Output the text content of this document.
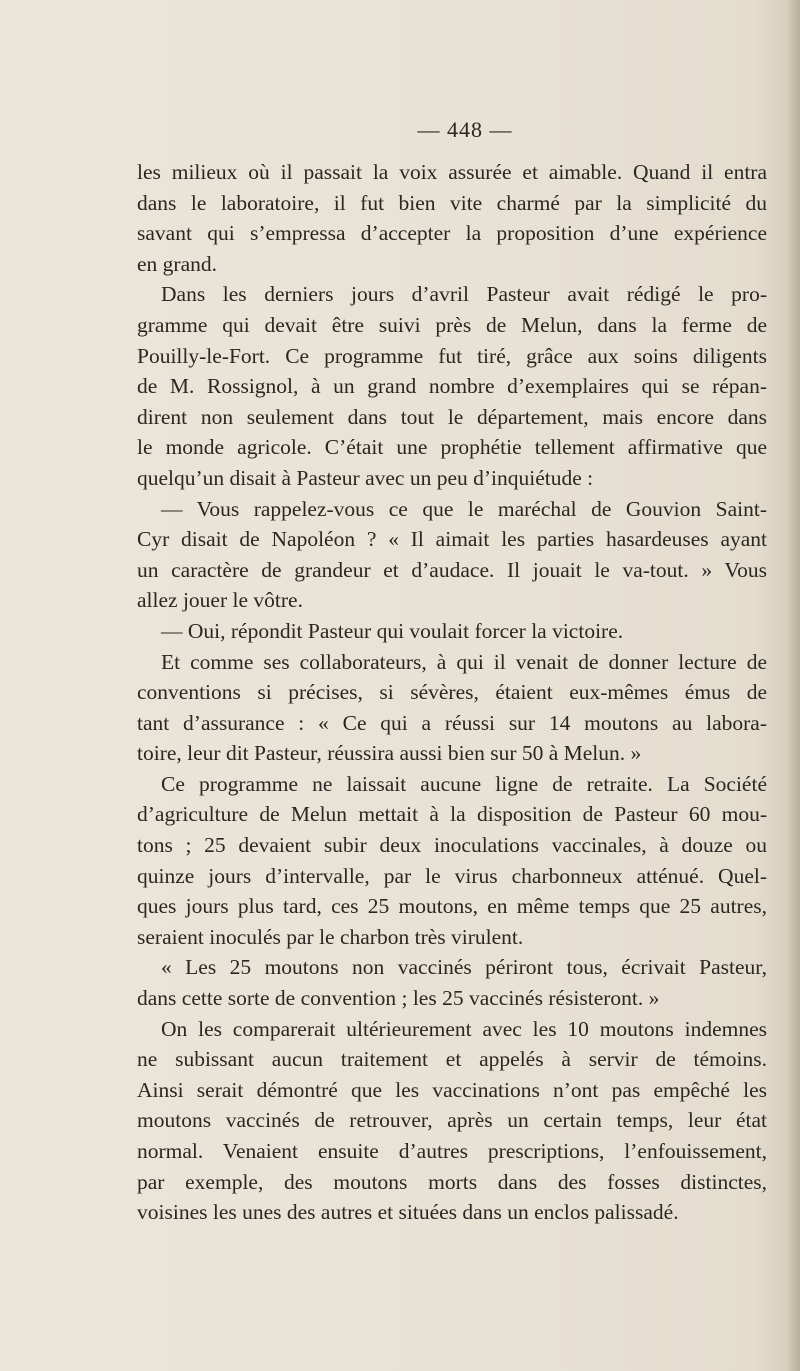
— 448 —
les milieux où il passait la voix assurée et aimable. Quand il entra
dans le laboratoire, il fut bien vite charmé par la simplicité du
savant qui s’empressa d’accepter la proposition d’une expérience
en grand.
Dans les derniers jours d’avril Pasteur avait rédigé le pro-
gramme qui devait être suivi près de Melun, dans la ferme de
Pouilly-le-Fort. Ce programme fut tiré, grâce aux soins diligents
de M. Rossignol, à un grand nombre d’exemplaires qui se répan-
dirent non seulement dans tout le département, mais encore dans
le monde agricole. C’était une prophétie tellement affirmative que
quelqu’un disait à Pasteur avec un peu d’inquiétude :
— Vous rappelez-vous ce que le maréchal de Gouvion Saint-
Cyr disait de Napoléon ? « Il aimait les parties hasardeuses ayant
un caractère de grandeur et d’audace. Il jouait le va-tout. » Vous
allez jouer le vôtre.
— Oui, répondit Pasteur qui voulait forcer la victoire.
Et comme ses collaborateurs, à qui il venait de donner lecture de
conventions si précises, si sévères, étaient eux-mêmes émus de
tant d’assurance : « Ce qui a réussi sur 14 moutons au labora-
toire, leur dit Pasteur, réussira aussi bien sur 50 à Melun. »
Ce programme ne laissait aucune ligne de retraite. La Société
d’agriculture de Melun mettait à la disposition de Pasteur 60 mou-
tons ; 25 devaient subir deux inoculations vaccinales, à douze ou
quinze jours d’intervalle, par le virus charbonneux atténué. Quel-
ques jours plus tard, ces 25 moutons, en même temps que 25 autres,
seraient inoculés par le charbon très virulent.
« Les 25 moutons non vaccinés périront tous, écrivait Pasteur,
dans cette sorte de convention ; les 25 vaccinés résisteront. »
On les comparerait ultérieurement avec les 10 moutons indemnes
ne subissant aucun traitement et appelés à servir de témoins.
Ainsi serait démontré que les vaccinations n’ont pas empêché les
moutons vaccinés de retrouver, après un certain temps, leur état
normal. Venaient ensuite d’autres prescriptions, l’enfouissement,
par exemple, des moutons morts dans des fosses distinctes,
voisines les unes des autres et situées dans un enclos palissadé.
